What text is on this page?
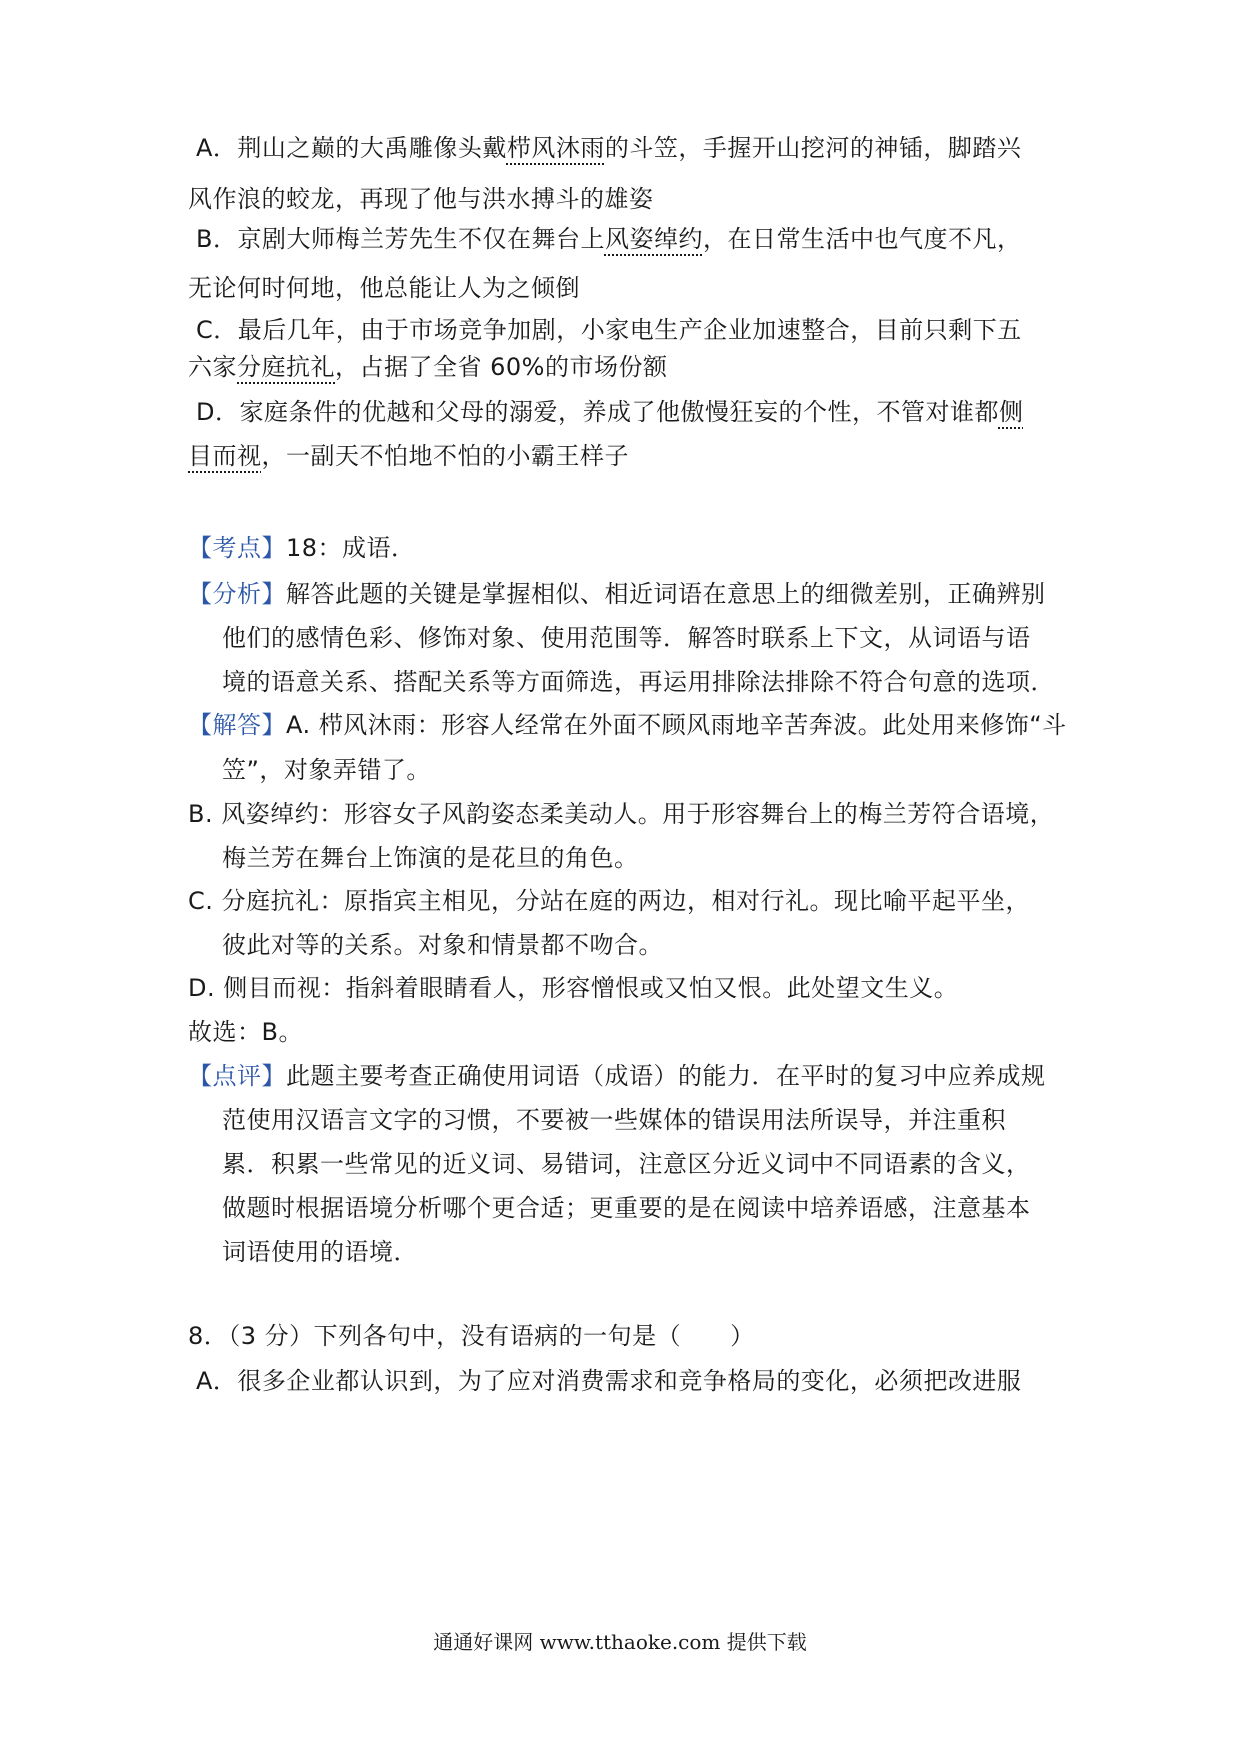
A．荆山之巅的大禹雕像头戴栉风沐雨的斗笠，手握开山挖河的神锸，脚踏兴
风作浪的蛟龙，再现了他与洪水搏斗的雄姿
B．京剧大师梅兰芳先生不仅在舞台上风姿绰约，在日常生活中也气度不凡，
无论何时何地，他总能让人为之倾倒
C．最后几年，由于市场竞争加剧，小家电生产企业加速整合，目前只剩下五
六家分庭抗礼，占据了全省 60%的市场份额
D．家庭条件的优越和父母的溺爱，养成了他傲慢狂妄的个性，不管对谁都侧
目而视，一副天不怕地不怕的小霸王样子
【考点】18：成语．
【分析】解答此题的关键是掌握相似、相近词语在意思上的细微差别，正确辨别
他们的感情色彩、修饰对象、使用范围等．解答时联系上下文，从词语与语
境的语意关系、搭配关系等方面筛选，再运用排除法排除不符合句意的选项．
【解答】A. 栉风沐雨：形容人经常在外面不顾风雨地辛苦奔波。此处用来修饰“斗
笠”，对象弄错了。
B. 风姿绰约：形容女子风韵姿态柔美动人。用于形容舞台上的梅兰芳符合语境，
梅兰芳在舞台上饰演的是花旦的角色。
C. 分庭抗礼：原指宾主相见，分站在庭的两边，相对行礼。现比喻平起平坐，
彼此对等的关系。对象和情景都不吻合。
D. 侧目而视：指斜着眼睛看人，形容憎恨或又怕又恨。此处望文生义。
故选：B。
【点评】此题主要考查正确使用词语（成语）的能力．在平时的复习中应养成规
范使用汉语言文字的习惯，不要被一些媒体的错误用法所误导，并注重积
累．积累一些常见的近义词、易错词，注意区分近义词中不同语素的含义，
做题时根据语境分析哪个更合适；更重要的是在阅读中培养语感，注意基本
词语使用的语境．
8．（3 分）下列各句中，没有语病的一句是（　　）
A．很多企业都认识到，为了应对消费需求和竞争格局的变化，必须把改进服
通通好课网 www.tthaoke.com 提供下载
